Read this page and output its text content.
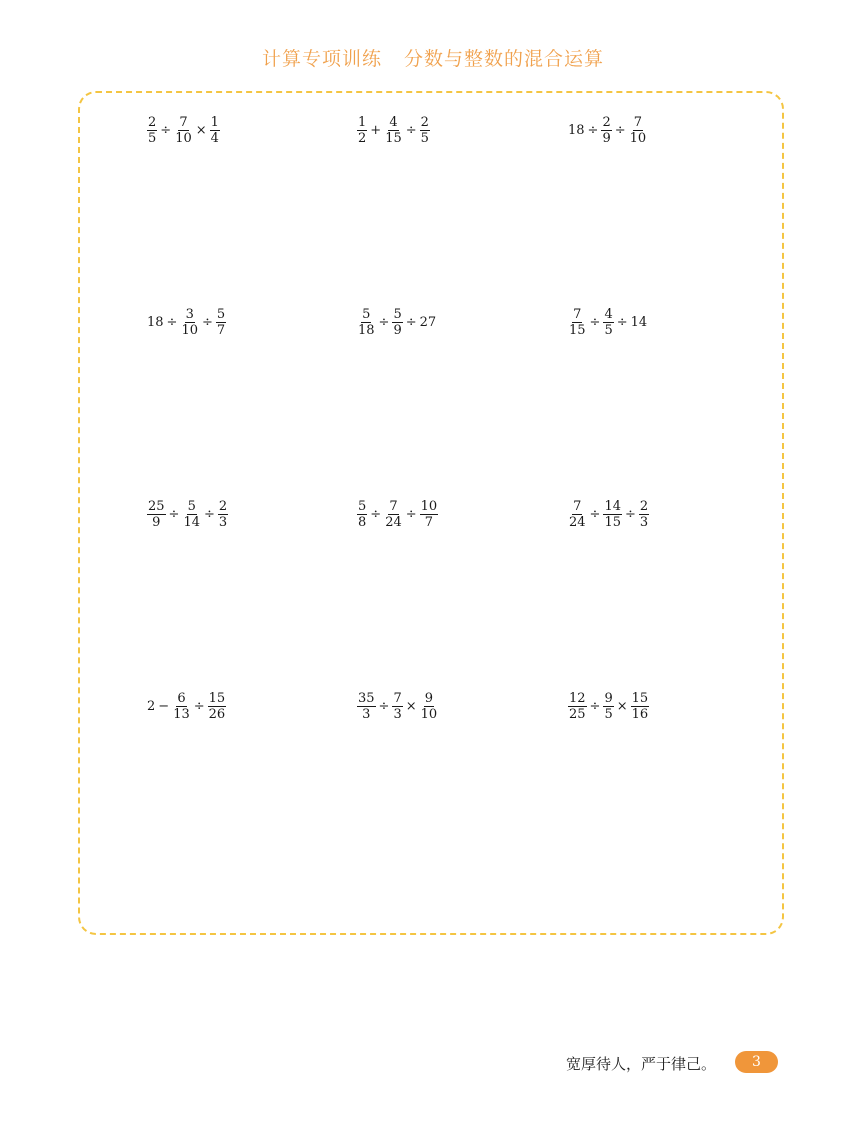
计算专项训练 分数与整数的混合运算
$\frac{2}{5} \div \frac{7}{10} \times \frac{1}{4}$	$\frac{1}{2} + \frac{4}{15} \div \frac{2}{5}$	$18 \div \frac{2}{9} \div \frac{7}{10}$
$18 \div \frac{3}{10} \div \frac{5}{7}$	$\frac{5}{18} \div \frac{5}{9} \div 27$	$\frac{7}{15} \div \frac{4}{5} \div 14$
$\frac{25}{9} \div \frac{5}{14} \div \frac{2}{3}$	$\frac{5}{8} \div \frac{7}{24} \div \frac{10}{7}$	$\frac{7}{24} \div \frac{14}{15} \div \frac{2}{3}$
$2 - \frac{6}{13} \div \frac{15}{26}$	$\frac{35}{3} \div \frac{7}{3} \times \frac{9}{10}$	$\frac{12}{25} \div \frac{9}{5} \times \frac{15}{16}$
宽厚待人，严于律己。	3
